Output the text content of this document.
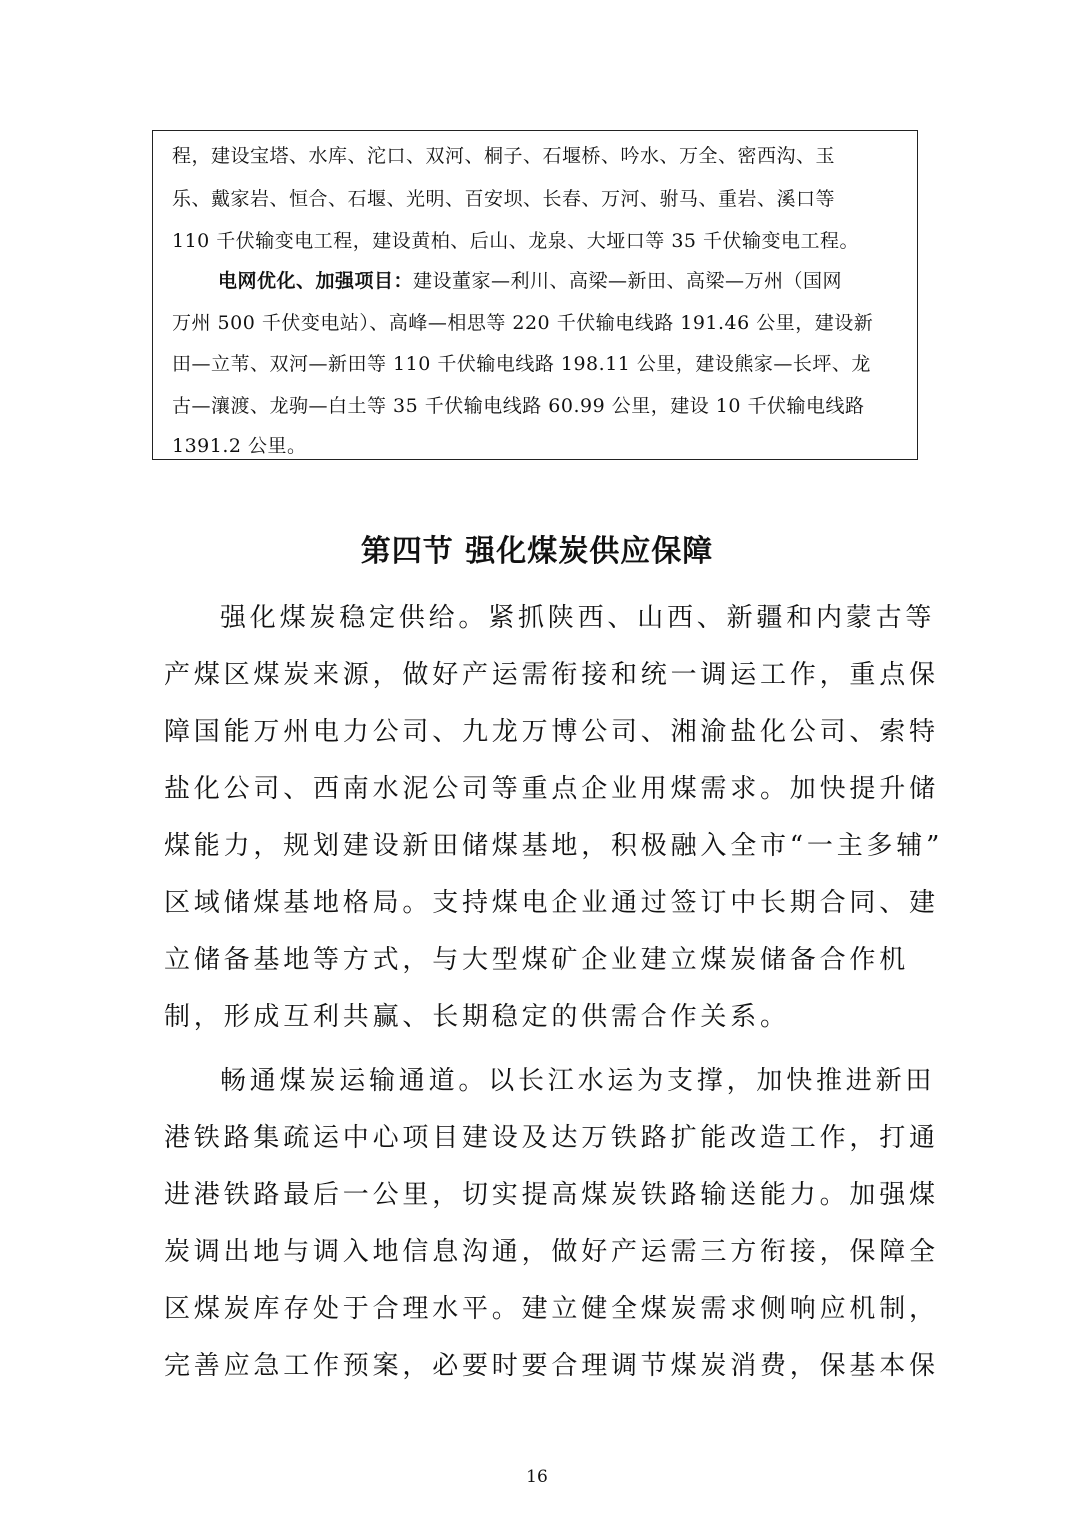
程，建设宝塔、水库、沱口、双河、桐子、石堰桥、吟水、万全、密西沟、玉
乐、戴家岩、恒合、石堰、光明、百安坝、长春、万河、驸马、重岩、溪口等
110 千伏输变电工程，建设黄柏、后山、龙泉、大垭口等 35 千伏输变电工程。
电网优化、加强项目：建设董家—利川、高梁—新田、高梁—万州（国网
万州 500 千伏变电站）、高峰—相思等 220 千伏输电线路 191.46 公里，建设新
田—立苇、双河—新田等 110 千伏输电线路 198.11 公里，建设熊家—长坪、龙
古—瀼渡、龙驹—白土等 35 千伏输电线路 60.99 公里，建设 10 千伏输电线路
1391.2 公里。
第四节 强化煤炭供应保障
强化煤炭稳定供给。紧抓陕西、山西、新疆和内蒙古等
产煤区煤炭来源，做好产运需衔接和统一调运工作，重点保
障国能万州电力公司、九龙万博公司、湘渝盐化公司、索特
盐化公司、西南水泥公司等重点企业用煤需求。加快提升储
煤能力，规划建设新田储煤基地，积极融入全市“一主多辅”
区域储煤基地格局。支持煤电企业通过签订中长期合同、建
立储备基地等方式，与大型煤矿企业建立煤炭储备合作机
制，形成互利共赢、长期稳定的供需合作关系。
畅通煤炭运输通道。以长江水运为支撑，加快推进新田
港铁路集疏运中心项目建设及达万铁路扩能改造工作，打通
进港铁路最后一公里，切实提高煤炭铁路输送能力。加强煤
炭调出地与调入地信息沟通，做好产运需三方衔接，保障全
区煤炭库存处于合理水平。建立健全煤炭需求侧响应机制，
完善应急工作预案，必要时要合理调节煤炭消费，保基本保
16
